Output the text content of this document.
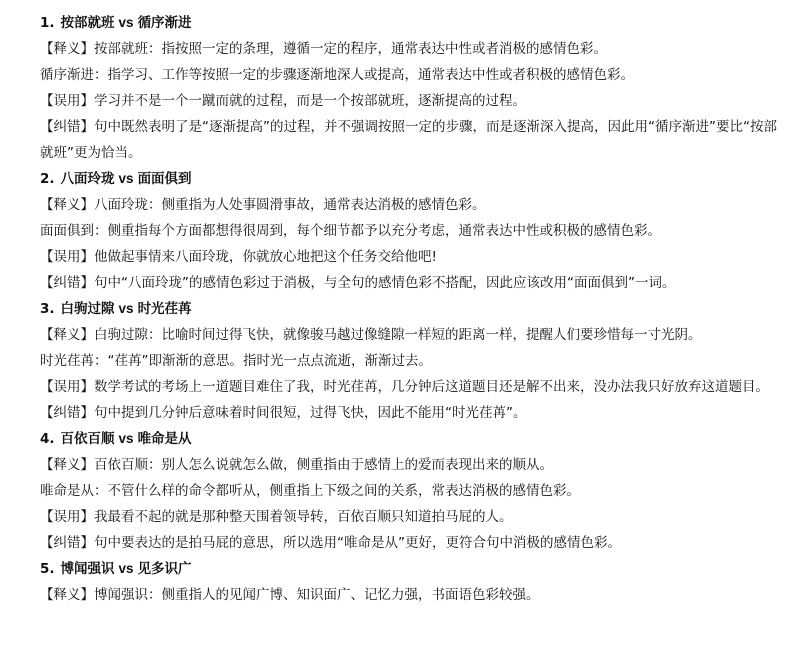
1. 按部就班 vs 循序渐进
【释义】按部就班：指按照一定的条理，遵循一定的程序，通常表达中性或者消极的感情色彩。
循序渐进：指学习、工作等按照一定的步骤逐渐地深人或提高，通常表达中性或者积极的感情色彩。
【误用】学习并不是一个一蹴而就的过程，而是一个按部就班，逐渐提高的过程。
【纠错】句中既然表明了是“逐渐提高”的过程，并不强调按照一定的步骤，而是逐渐深入提高，因此用“循序渐进”要比“按部就班”更为恰当。
2. 八面玲珑 vs 面面俱到
【释义】八面玲珑：侧重指为人处事圆滑事故，通常表达消极的感情色彩。
面面俱到：侧重指每个方面都想得很周到，每个细节都予以充分考虑，通常表达中性或积极的感情色彩。
【误用】他做起事情来八面玲珑，你就放心地把这个任务交给他吧!
【纠错】句中“八面玲珑”的感情色彩过于消极，与全句的感情色彩不搭配，因此应该改用“面面俱到”一词。
3. 白驹过隙 vs 时光荏苒
【释义】白驹过隙：比喻时间过得飞快，就像骏马越过像缝隙一样短的距离一样，提醒人们要珍惜每一寸光阴。
时光荏苒：“荏苒”即渐渐的意思。指时光一点点流逝，渐渐过去。
【误用】数学考试的考场上一道题目难住了我，时光荏苒，几分钟后这道题目还是解不出来，没办法我只好放弃这道题目。
【纠错】句中提到几分钟后意味着时间很短，过得飞快，因此不能用“时光荏苒”。
4. 百依百顺 vs 唯命是从
【释义】百依百顺：别人怎么说就怎么做，侧重指由于感情上的爱而表现出来的顺从。
唯命是从：不管什么样的命令都听从，侧重指上下级之间的关系，常表达消极的感情色彩。
【误用】我最看不起的就是那种整天围着领导转，百依百顺只知道拍马屁的人。
【纠错】句中要表达的是拍马屁的意思，所以选用“唯命是从”更好，更符合句中消极的感情色彩。
5. 博闻强识 vs 见多识广
【释义】博闻强识：侧重指人的见闻广博、知识面广、记忆力强，书面语色彩较强。
